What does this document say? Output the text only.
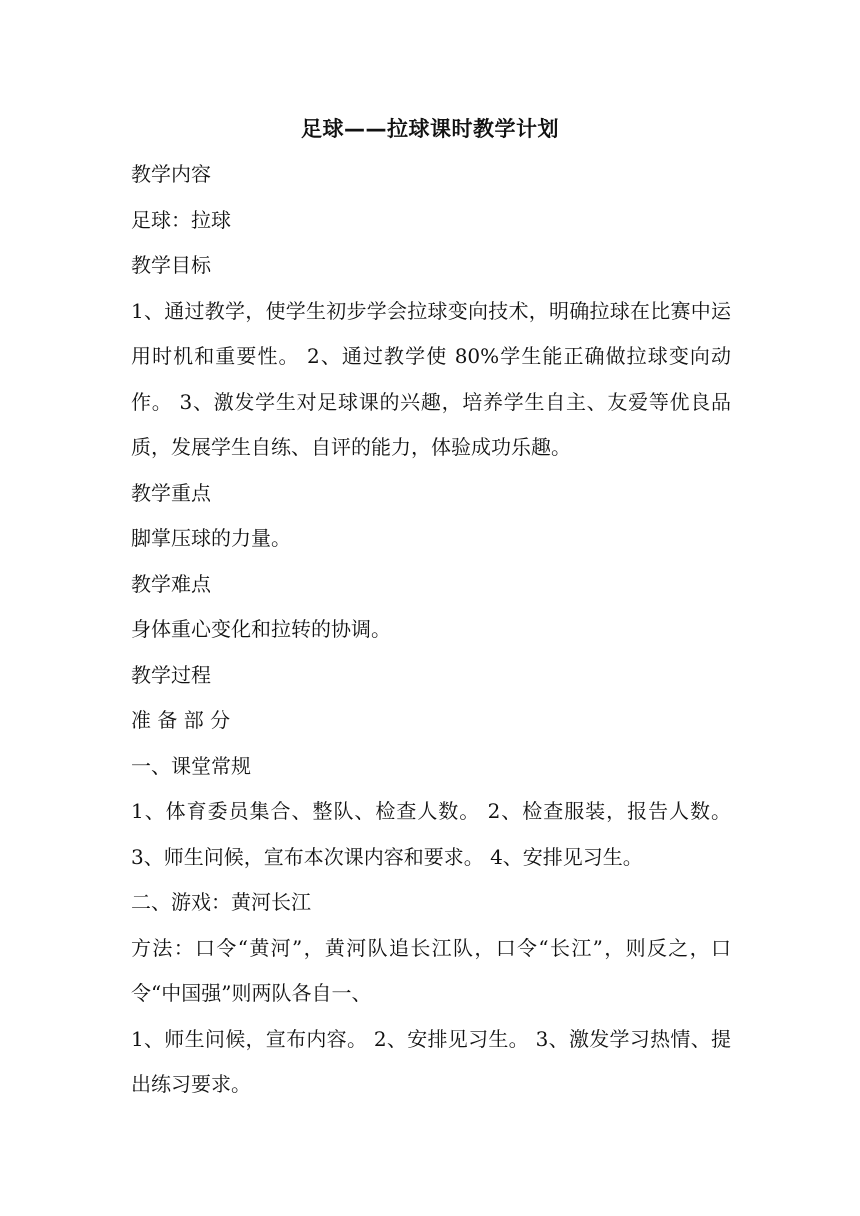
足球——拉球课时教学计划

教学内容

足球：拉球

教学目标

1、通过教学，使学生初步学会拉球变向技术，明确拉球在比赛中运用时机和重要性。 2、通过教学使 80%学生能正确做拉球变向动作。 3、激发学生对足球课的兴趣，培养学生自主、友爱等优良品质，发展学生自练、自评的能力，体验成功乐趣。

教学重点

脚掌压球的力量。

教学难点

身体重心变化和拉转的协调。

教学过程

准 备 部 分

一、课堂常规

1、体育委员集合、整队、检查人数。 2、检查服装，报告人数。 3、师生问候，宣布本次课内容和要求。 4、安排见习生。

二、游戏：黄河长江

方法：口令“黄河”，黄河队追长江队，口令“长江”，则反之，口令“中国强”则两队各自一、

1、师生问候，宣布内容。 2、安排见习生。 3、激发学习热情、提出练习要求。
